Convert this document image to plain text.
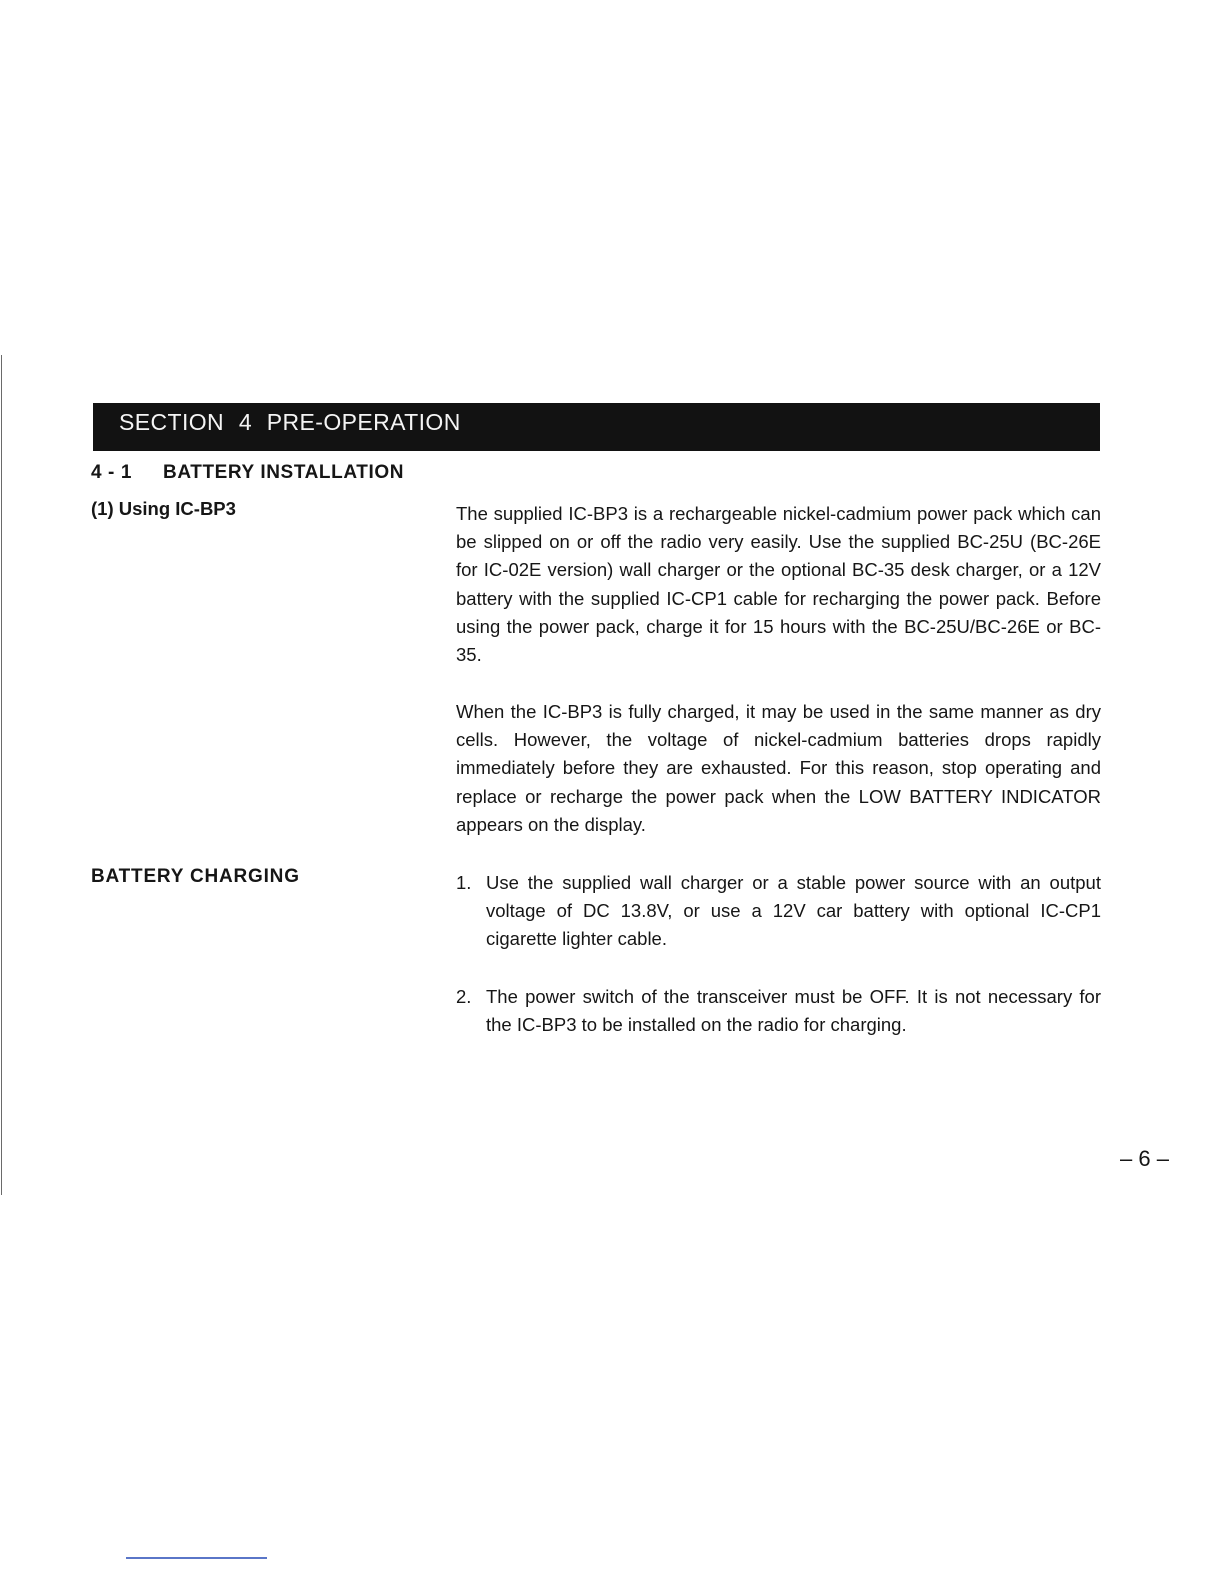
SECTION 4 PRE-OPERATION
4 - 1 BATTERY INSTALLATION
(1) Using IC-BP3	The supplied IC-BP3 is a rechargeable nickel-cadmium power pack which can be slipped on or off the radio very easily. Use the supplied BC-25U (BC-26E for IC-02E version) wall charger or the optional BC-35 desk charger, or a 12V battery with the supplied IC-CP1 cable for recharging the power pack. Before using the power pack, charge it for 15 hours with the BC-25U/BC-26E or BC-35.

When the IC-BP3 is fully charged, it may be used in the same manner as dry cells. However, the voltage of nickel-cadmium batteries drops rapidly immediately before they are exhausted. For this reason, stop operating and replace or recharge the power pack when the LOW BATTERY INDICATOR appears on the display.

BATTERY CHARGING	1. Use the supplied wall charger or a stable power source with an output voltage of DC 13.8V, or use a 12V car battery with optional IC-CP1 cigarette lighter cable.
2. The power switch of the transceiver must be OFF. It is not necessary for the IC-BP3 to be installed on the radio for charging.
– 6 –
